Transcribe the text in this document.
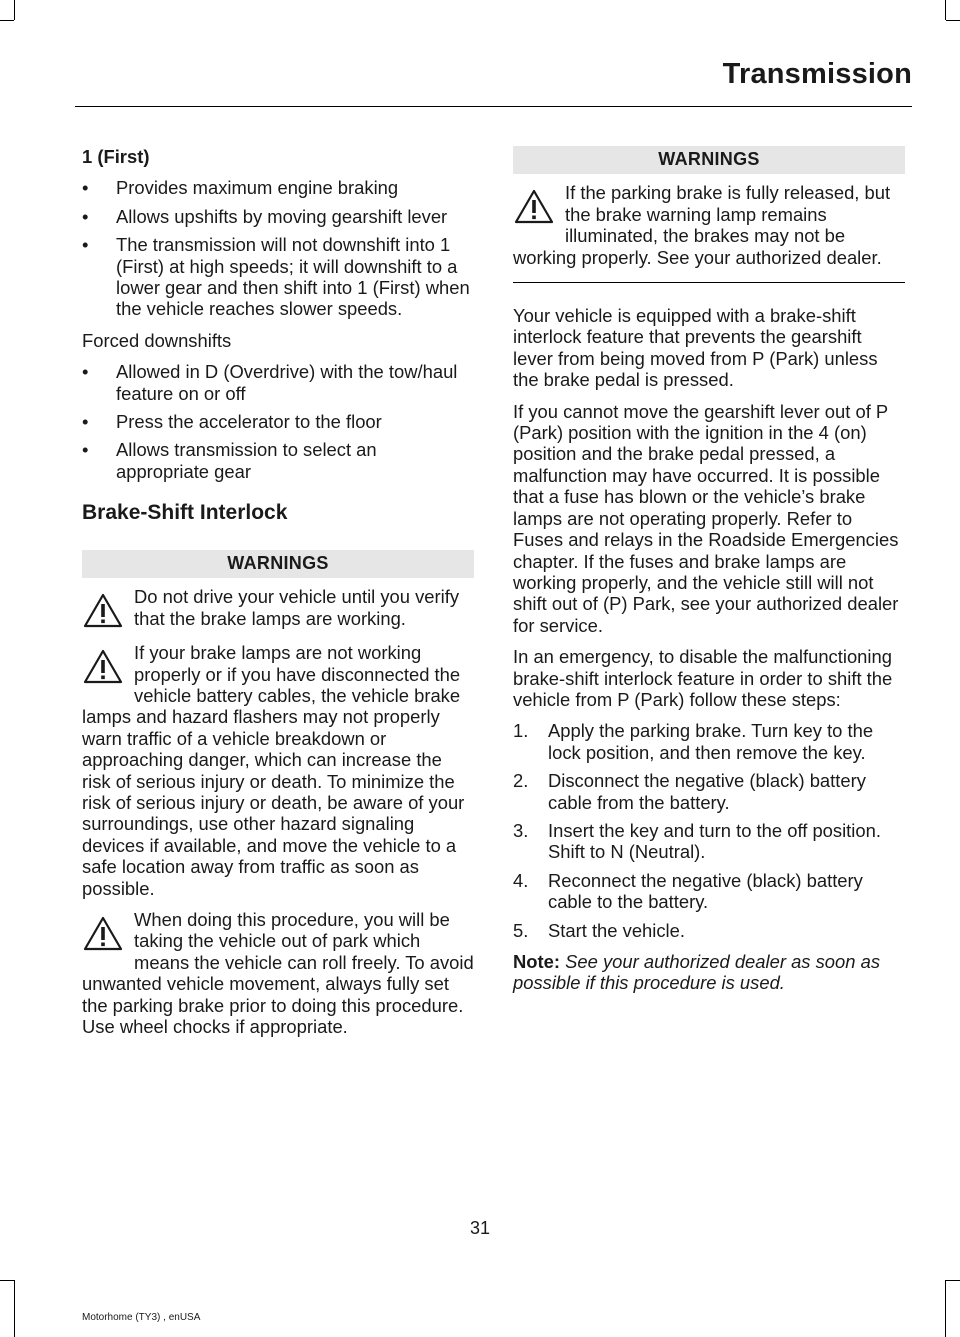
Transmission
1 (First)
• Provides maximum engine braking
• Allows upshifts by moving gearshift lever
• The transmission will not downshift into 1 (First) at high speeds; it will downshift to a lower gear and then shift into 1 (First) when the vehicle reaches slower speeds.
Forced downshifts
• Allowed in D (Overdrive) with the tow/haul feature on or off
• Press the accelerator to the floor
• Allows transmission to select an appropriate gear
Brake-Shift Interlock
WARNINGS
Do not drive your vehicle until you verify that the brake lamps are working.
If your brake lamps are not working properly or if you have disconnected the vehicle battery cables, the vehicle brake lamps and hazard flashers may not properly warn traffic of a vehicle breakdown or approaching danger, which can increase the risk of serious injury or death. To minimize the risk of serious injury or death, be aware of your surroundings, use other hazard signaling devices if available, and move the vehicle to a safe location away from traffic as soon as possible.
When doing this procedure, you will be taking the vehicle out of park which means the vehicle can roll freely. To avoid unwanted vehicle movement, always fully set the parking brake prior to doing this procedure. Use wheel chocks if appropriate.
WARNINGS
If the parking brake is fully released, but the brake warning lamp remains illuminated, the brakes may not be working properly. See your authorized dealer.
Your vehicle is equipped with a brake-shift interlock feature that prevents the gearshift lever from being moved from P (Park) unless the brake pedal is pressed.
If you cannot move the gearshift lever out of P (Park) position with the ignition in the 4 (on) position and the brake pedal pressed, a malfunction may have occurred. It is possible that a fuse has blown or the vehicle’s brake lamps are not operating properly. Refer to Fuses and relays in the Roadside Emergencies chapter. If the fuses and brake lamps are working properly, and the vehicle still will not shift out of (P) Park, see your authorized dealer for service.
In an emergency, to disable the malfunctioning brake-shift interlock feature in order to shift the vehicle from P (Park) follow these steps:
1. Apply the parking brake. Turn key to the lock position, and then remove the key.
2. Disconnect the negative (black) battery cable from the battery.
3. Insert the key and turn to the off position. Shift to N (Neutral).
4. Reconnect the negative (black) battery cable to the battery.
5. Start the vehicle.
Note: See your authorized dealer as soon as possible if this procedure is used.
31
Motorhome (TY3) , enUSA
